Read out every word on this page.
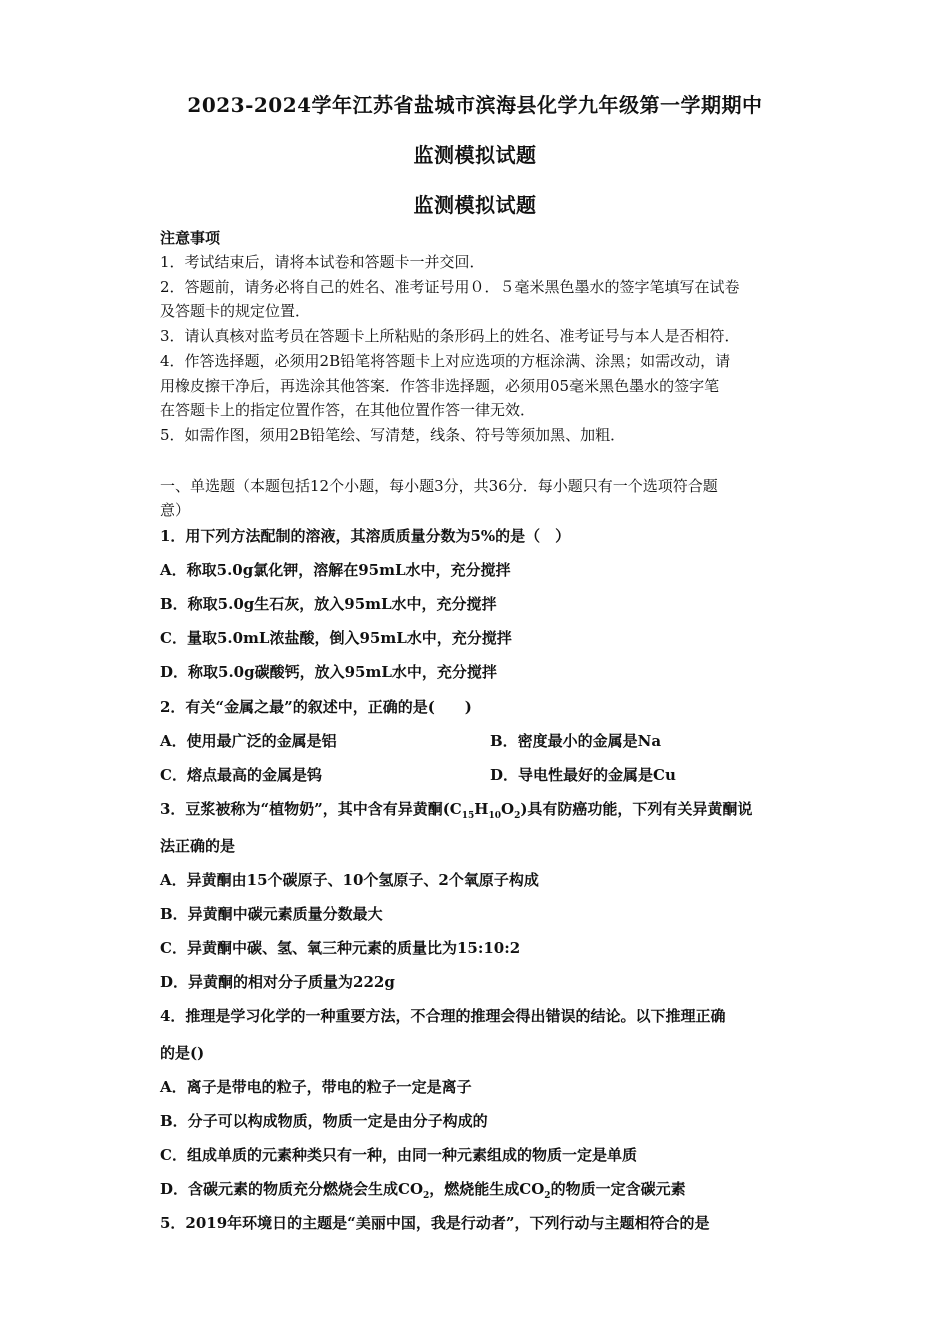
2023-2024学年江苏省盐城市滨海县化学九年级第一学期期中
监测模拟试题
监测模拟试题
注意事项
1．考试结束后，请将本试卷和答题卡一并交回．
2．答题前，请务必将自己的姓名、准考证号用０．５毫米黑色墨水的签字笔填写在试卷
及答题卡的规定位置．
3．请认真核对监考员在答题卡上所粘贴的条形码上的姓名、准考证号与本人是否相符．
4．作答选择题，必须用2B铅笔将答题卡上对应选项的方框涂满、涂黑；如需改动，请
用橡皮擦干净后，再选涂其他答案．作答非选择题，必须用05毫米黑色墨水的签字笔
在答题卡上的指定位置作答，在其他位置作答一律无效．
5．如需作图，须用2B铅笔绘、写清楚，线条、符号等须加黑、加粗．
一、单选题（本题包括12个小题，每小题3分，共36分．每小题只有一个选项符合题
意）
1．用下列方法配制的溶液，其溶质质量分数为5%的是（　）
A．称取5.0g氯化钾，溶解在95mL水中，充分搅拌
B．称取5.0g生石灰，放入95mL水中，充分搅拌
C．量取5.0mL浓盐酸，倒入95mL水中，充分搅拌
D．称取5.0g碳酸钙，放入95mL水中，充分搅拌
2．有关“金属之最”的叙述中，正确的是(　　)
A．使用最广泛的金属是铝	B．密度最小的金属是Na
C．熔点最高的金属是钨	D．导电性最好的金属是Cu
3．豆浆被称为“植物奶”，其中含有异黄酮$(C_{15}H_{10}O_2)$具有防癌功能，下列有关异黄酮说
法正确的是
A．异黄酮由15个碳原子、10个氢原子、2个氧原子构成
B．异黄酮中碳元素质量分数最大
C．异黄酮中碳、氢、氧三种元素的质量比为15:10:2
D．异黄酮的相对分子质量为222g
4．推理是学习化学的一种重要方法，不合理的推理会得出错误的结论。以下推理正确
的是()
A．离子是带电的粒子，带电的粒子一定是离子
B．分子可以构成物质，物质一定是由分子构成的
C．组成单质的元素种类只有一种，由同一种元素组成的物质一定是单质
D．含碳元素的物质充分燃烧会生成$CO_2$，燃烧能生成$CO_2$的物质一定含碳元素
5．2019年环境日的主题是“美丽中国，我是行动者”，下列行动与主题相符合的是
